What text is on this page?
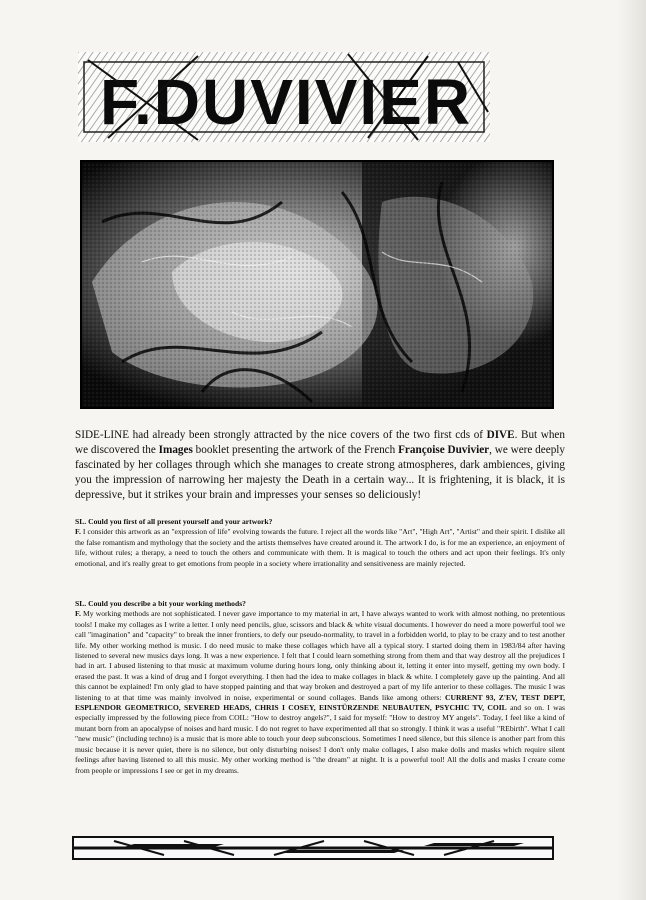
F.DUVIVIER
SIDE-LINE had already been strongly attracted by the nice covers of the two first cds of DIVE. But when we discovered the Images booklet presenting the artwork of the French Françoise Duvivier, we were deeply fascinated by her collages through which she manages to create strong atmospheres, dark ambiences, giving you the impression of narrowing her majesty the Death in a certain way... It is frightening, it is black, it is depressive, but it strikes your brain and impresses your senses so deliciously!
SL. Could you first of all present yourself and your artwork?
F. I consider this artwork as an "expression of life" evolving towards the future. I reject all the words like "Art", "High Art", "Artist" and their spirit. I dislike all the false romantism and mythology that the society and the artists themselves have created around it. The artwork I do, is for me an experience, an enjoyment of life, without rules; a therapy, a need to touch the others and communicate with them. It is magical to touch the others and act upon their feelings. It's only emotional, and it's really great to get emotions from people in a society where irrationality and sensitiveness are mainly rejected.
SL. Could you describe a bit your working methods?
F. My working methods are not sophisticated. I never gave importance to my material in art, I have always wanted to work with almost nothing, no pretentious tools! I make my collages as I write a letter. I only need pencils, glue, scissors and black & white visual documents. I however do need a more powerful tool we call "imagination" and "capacity" to break the inner frontiers, to defy our pseudo-normality, to travel in a forbidden world, to play to be crazy and to test another life. My other working method is music. I do need music to make these collages which have all a typical story. I started doing them in 1983/84 after having listened to several new musics days long. It was a new experience. I felt that I could learn something strong from them and that way destroy all the prejudices I had in art. I abused listening to that music at maximum volume during hours long, only thinking about it, letting it enter into myself, getting my own body. I erased the past. It was a kind of drug and I forgot everything. I then had the idea to make collages in black & white. I completely gave up the painting. And all this cannot be explained! I'm only glad to have stopped painting and that way broken and destroyed a part of my life anterior to these collages. The music I was listening to at that time was mainly involved in noise, experimental or sound collages. Bands like among others: CURRENT 93, Z'EV, TEST DEPT, ESPLENDOR GEOMETRICO, SEVERED HEADS, CHRIS I COSEY, EINSTÜRZENDE NEUBAUTEN, PSYCHIC TV, COIL and so on. I was especially impressed by the following piece from COIL: "How to destroy angels?", I said for myself: "How to destroy MY angels". Today, I feel like a kind of mutant born from an apocalypse of noises and hard music. I do not regret to have experimented all that so strongly. I think it was a useful "REbirth". What I call "new music" (including techno) is a music that is more able to touch your deep subconscious. Sometimes I need silence, but this silence is another part from this music because it is never quiet, there is no silence, but only disturbing noises! I don't only make collages, I also make dolls and masks which require silent feelings after having listened to all this music. My other working method is "the dream" at night. It is a powerful tool! All the dolls and masks I create come from people or impressions I see or get in my dreams.
